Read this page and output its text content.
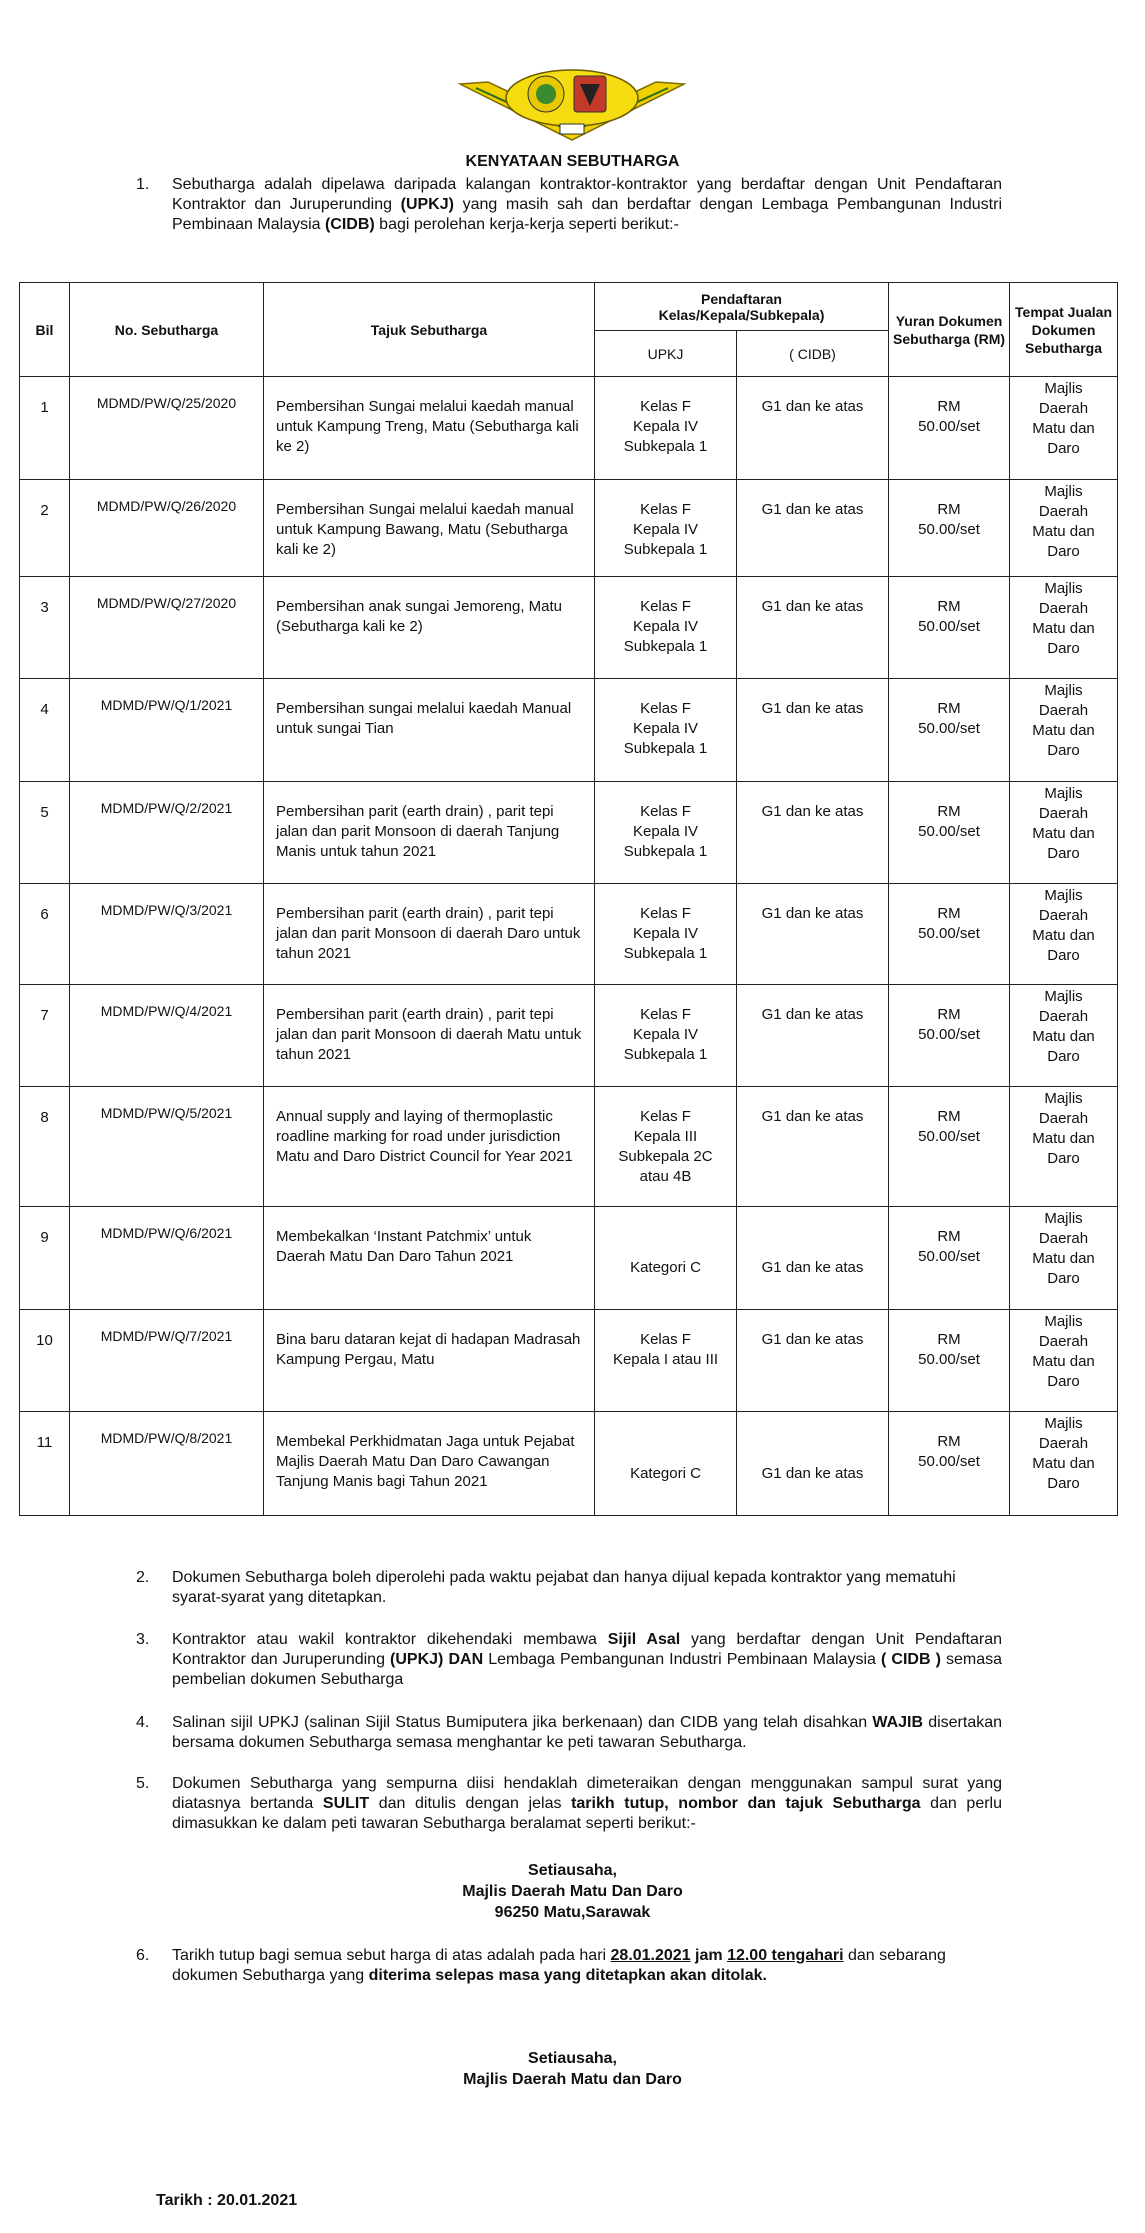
KENYATAAN SEBUTHARGA
1. Sebutharga adalah dipelawa daripada kalangan kontraktor-kontraktor yang berdaftar dengan Unit Pendaftaran Kontraktor dan Juruperunding (UPKJ) yang masih sah dan berdaftar dengan Lembaga Pembangunan Industri Pembinaan Malaysia (CIDB) bagi perolehan kerja-kerja seperti berikut:-
Bil	No. Sebutharga	Tajuk Sebutharga	Pendaftaran Kelas/Kepala/Subkepala)		Yuran Dokumen Sebutharga (RM)	Tempat Jualan Dokumen Sebutharga
			UPKJ	( CIDB)		
1	MDMD/PW/Q/25/2020	Pembersihan Sungai melalui kaedah manual untuk Kampung Treng, Matu (Sebutharga kali ke 2)	Kelas F
Kepala IV
Subkepala 1	G1 dan ke atas	RM
50.00/set	Majlis
Daerah
Matu dan
Daro
2	MDMD/PW/Q/26/2020	Pembersihan Sungai melalui kaedah manual untuk Kampung Bawang, Matu (Sebutharga kali ke 2)	Kelas F
Kepala IV
Subkepala 1	G1 dan ke atas	RM
50.00/set	Majlis
Daerah
Matu dan
Daro
3	MDMD/PW/Q/27/2020	Pembersihan anak sungai Jemoreng, Matu
(Sebutharga kali ke 2)	Kelas F
Kepala IV
Subkepala 1	G1 dan ke atas	RM
50.00/set	Majlis
Daerah
Matu dan
Daro
4	MDMD/PW/Q/1/2021	Pembersihan sungai melalui kaedah Manual untuk sungai Tian	Kelas F
Kepala IV
Subkepala 1	G1 dan ke atas	RM
50.00/set	Majlis
Daerah
Matu dan
Daro
5	MDMD/PW/Q/2/2021	Pembersihan parit (earth drain) , parit tepi jalan dan parit Monsoon di daerah Tanjung Manis untuk tahun 2021	Kelas F
Kepala IV
Subkepala 1	G1 dan ke atas	RM
50.00/set	Majlis
Daerah
Matu dan
Daro
6	MDMD/PW/Q/3/2021	Pembersihan parit (earth drain) , parit tepi jalan dan parit Monsoon di daerah Daro untuk tahun 2021	Kelas F
Kepala IV
Subkepala 1	G1 dan ke atas	RM
50.00/set	Majlis
Daerah
Matu dan
Daro
7	MDMD/PW/Q/4/2021	Pembersihan parit (earth drain) , parit tepi jalan dan parit Monsoon di daerah Matu untuk tahun 2021	Kelas F
Kepala IV
Subkepala 1	G1 dan ke atas	RM
50.00/set	Majlis
Daerah
Matu dan
Daro
8	MDMD/PW/Q/5/2021	Annual supply and laying of thermoplastic roadline marking for road under jurisdiction Matu and Daro District Council for Year 2021	Kelas F
Kepala III
Subkepala 2C
atau 4B	G1 dan ke atas	RM
50.00/set	Majlis
Daerah
Matu dan
Daro
9	MDMD/PW/Q/6/2021	Membekalkan ‘Instant Patchmix’ untuk Daerah Matu Dan Daro Tahun 2021	Kategori C	G1 dan ke atas	RM
50.00/set	Majlis
Daerah
Matu dan
Daro
10	MDMD/PW/Q/7/2021	Bina baru dataran kejat di hadapan Madrasah Kampung Pergau, Matu	Kelas F
Kepala I atau III	G1 dan ke atas	RM
50.00/set	Majlis
Daerah
Matu dan
Daro
11	MDMD/PW/Q/8/2021	Membekal Perkhidmatan Jaga untuk Pejabat Majlis Daerah Matu Dan Daro Cawangan Tanjung Manis bagi Tahun 2021	Kategori C	G1 dan ke atas	RM
50.00/set	Majlis
Daerah
Matu dan
Daro
2. Dokumen Sebutharga boleh diperolehi pada waktu pejabat dan hanya dijual kepada kontraktor yang mematuhi syarat-syarat yang ditetapkan.
3. Kontraktor atau wakil kontraktor dikehendaki membawa Sijil Asal yang berdaftar dengan Unit Pendaftaran Kontraktor dan Juruperunding (UPKJ) DAN Lembaga Pembangunan Industri Pembinaan Malaysia ( CIDB ) semasa pembelian dokumen Sebutharga
4. Salinan sijil UPKJ (salinan Sijil Status Bumiputera jika berkenaan) dan CIDB yang telah disahkan WAJIB disertakan bersama dokumen Sebutharga semasa menghantar ke peti tawaran Sebutharga.
5. Dokumen Sebutharga yang sempurna diisi hendaklah dimeteraikan dengan menggunakan sampul surat yang diatasnya bertanda SULIT dan ditulis dengan jelas tarikh tutup, nombor dan tajuk Sebutharga dan perlu dimasukkan ke dalam peti tawaran Sebutharga beralamat seperti berikut:-
Setiausaha,
Majlis Daerah Matu Dan Daro
96250 Matu,Sarawak
6. Tarikh tutup bagi semua sebut harga di atas adalah pada hari 28.01.2021 jam 12.00 tengahari dan sebarang dokumen Sebutharga yang diterima selepas masa yang ditetapkan akan ditolak.
Setiausaha,
Majlis Daerah Matu dan Daro
Tarikh : 20.01.2021
